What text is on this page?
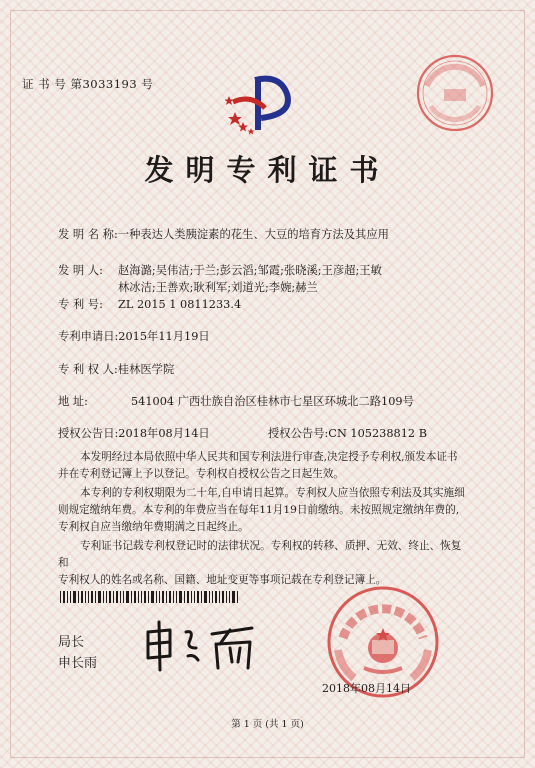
证 书 号 第3033193 号
发明专利证书
发 明 名 称:一种表达人类胰淀素的花生、大豆的培育方法及其应用
发 明 人: 赵海潞;吴伟洁;于兰;彭云滔;邹霞;张晓溪;王彦超;王敏
林冰洁;王善欢;耿利军;刘道光;李婉;赫兰
专 利 号: ZL 2015 1 0811233.4
专利申请日:2015年11月19日
专 利 权 人:桂林医学院
地 址:	541004 广西壮族自治区桂林市七星区环城北二路109号
授权公告日:2018年08月14日	授权公告号:CN 105238812 B
本发明经过本局依照中华人民共和国专利法进行审查,决定授予专利权,颁发本证书
并在专利登记簿上予以登记。专利权自授权公告之日起生效。
本专利的专利权期限为二十年,自申请日起算。专利权人应当依照专利法及其实施细
则规定缴纳年费。本专利的年费应当在每年11月19日前缴纳。未按照规定缴纳年费的,
专利权自应当缴纳年费期满之日起终止。
专利证书记载专利权登记时的法律状况。专利权的转移、质押、无效、终止、恢复和
专利权人的姓名或名称、国籍、地址变更等事项记载在专利登记簿上。
局长
申长雨
2018年08月14日
第 1 页 (共 1 页)
